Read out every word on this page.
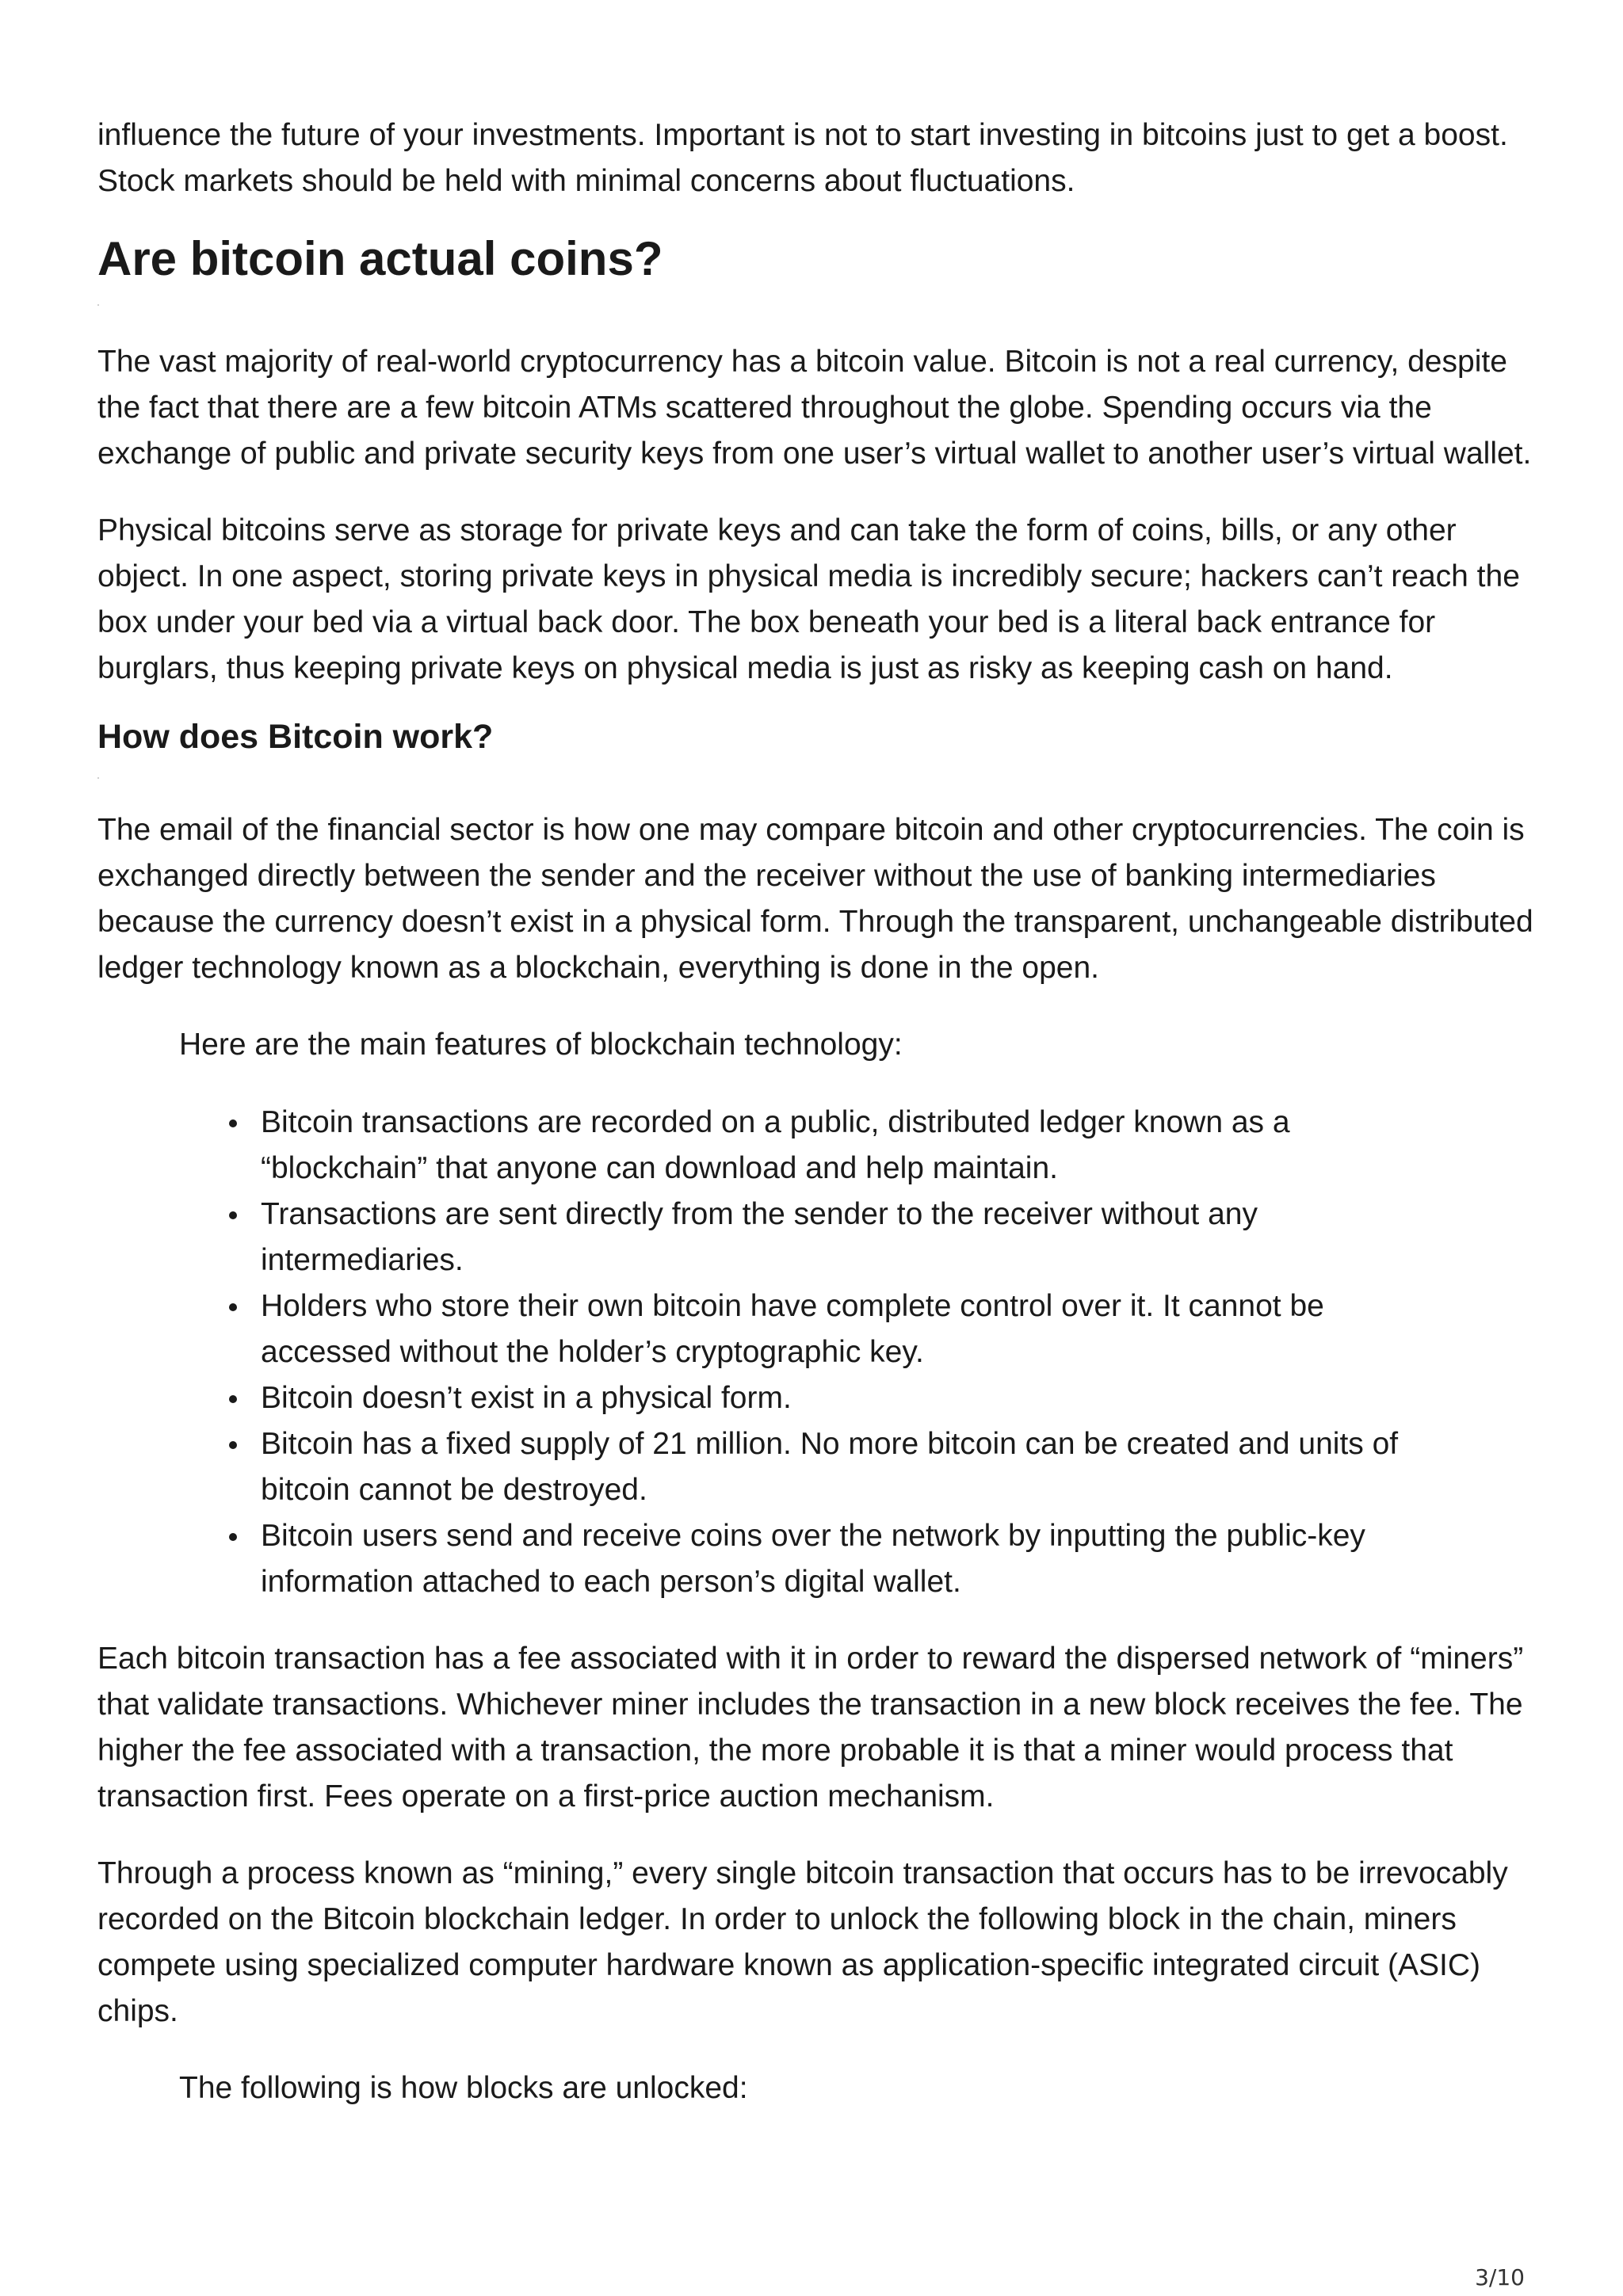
influence the future of your investments. Important is not to start investing in bitcoins just to get a boost. Stock markets should be held with minimal concerns about fluctuations.

Are bitcoin actual coins?

The vast majority of real-world cryptocurrency has a bitcoin value. Bitcoin is not a real currency, despite the fact that there are a few bitcoin ATMs scattered throughout the globe. Spending occurs via the exchange of public and private security keys from one user’s virtual wallet to another user’s virtual wallet.

Physical bitcoins serve as storage for private keys and can take the form of coins, bills, or any other object. In one aspect, storing private keys in physical media is incredibly secure; hackers can’t reach the box under your bed via a virtual back door. The box beneath your bed is a literal back entrance for burglars, thus keeping private keys on physical media is just as risky as keeping cash on hand.

How does Bitcoin work?

The email of the financial sector is how one may compare bitcoin and other cryptocurrencies. The coin is exchanged directly between the sender and the receiver without the use of banking intermediaries because the currency doesn’t exist in a physical form. Through the transparent, unchangeable distributed ledger technology known as a blockchain, everything is done in the open.

Here are the main features of blockchain technology:

Bitcoin transactions are recorded on a public, distributed ledger known as a “blockchain” that anyone can download and help maintain.
Transactions are sent directly from the sender to the receiver without any intermediaries.
Holders who store their own bitcoin have complete control over it. It cannot be accessed without the holder’s cryptographic key.
Bitcoin doesn’t exist in a physical form.
Bitcoin has a fixed supply of 21 million. No more bitcoin can be created and units of bitcoin cannot be destroyed.
Bitcoin users send and receive coins over the network by inputting the public-key information attached to each person’s digital wallet.

Each bitcoin transaction has a fee associated with it in order to reward the dispersed network of “miners” that validate transactions. Whichever miner includes the transaction in a new block receives the fee. The higher the fee associated with a transaction, the more probable it is that a miner would process that transaction first. Fees operate on a first-price auction mechanism.

Through a process known as “mining,” every single bitcoin transaction that occurs has to be irrevocably recorded on the Bitcoin blockchain ledger. In order to unlock the following block in the chain, miners compete using specialized computer hardware known as application-specific integrated circuit (ASIC) chips.

The following is how blocks are unlocked:

3/10
